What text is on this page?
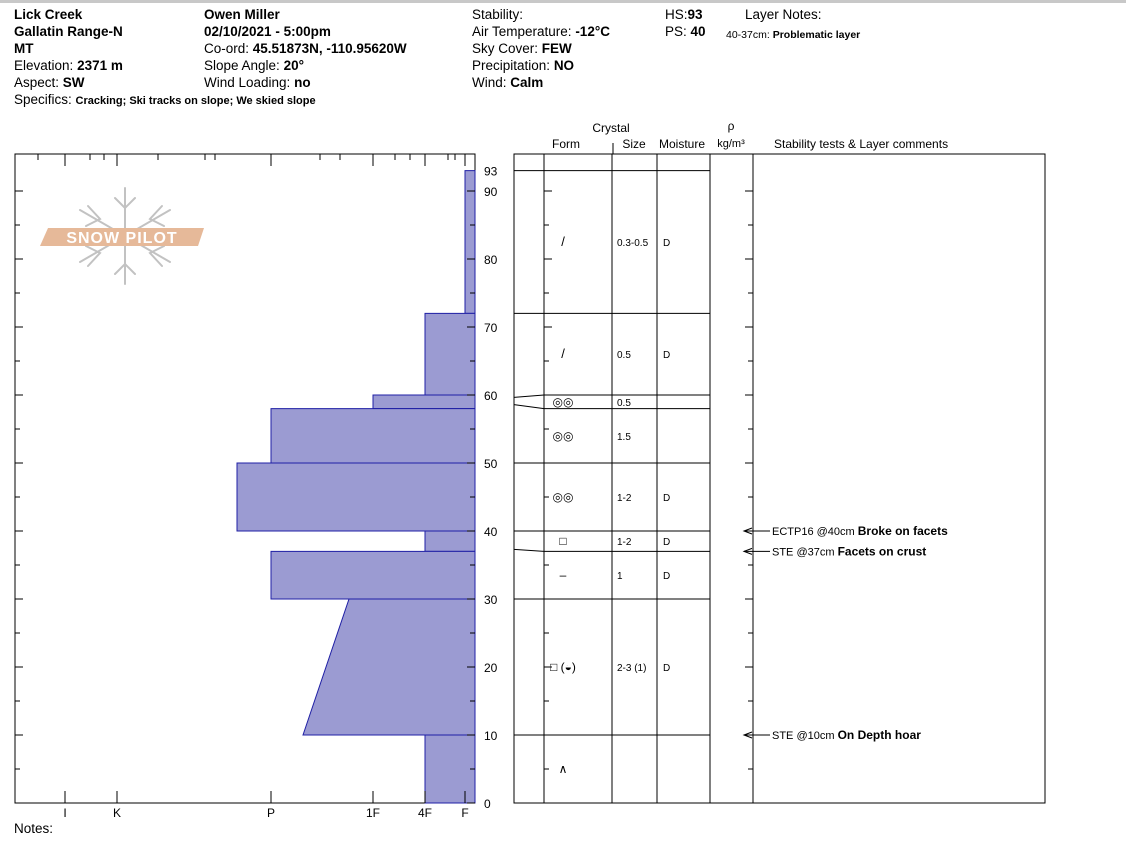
Lick Creek
Gallatin Range-N
MT
Elevation: 2371 m
Aspect: SW
Specifics: Cracking; Ski tracks on slope; We skied slope
Owen Miller
02/10/2021 - 5:00pm
Co-ord: 45.51873N, -110.95620W
Slope Angle: 20°
Wind Loading: no
Stability:
Air Temperature: -12°C
Sky Cover: FEW
Precipitation: NO
Wind: Calm
HS:93
PS: 40
Layer Notes:
40-37cm: Problematic layer
Notes:
SNOW PILOT
I	K	P	1F	4F F
93
90
80
70
60
50
40
30
20
10
0
Crystal
Form	Size Moisture
ρ
kg/m³ Stability tests & Layer comments
/	0.3-0.5 D
/	0.5	D
◎◎	0.5
◎◎	1.5
◎◎	1-2	D
□	1-2	D
–	1	D
□ (◒)	2-3 (1) D
∧
ECTP16 @40cm Broke on facets
STE @37cm Facets on crust
STE @10cm On Depth hoar
